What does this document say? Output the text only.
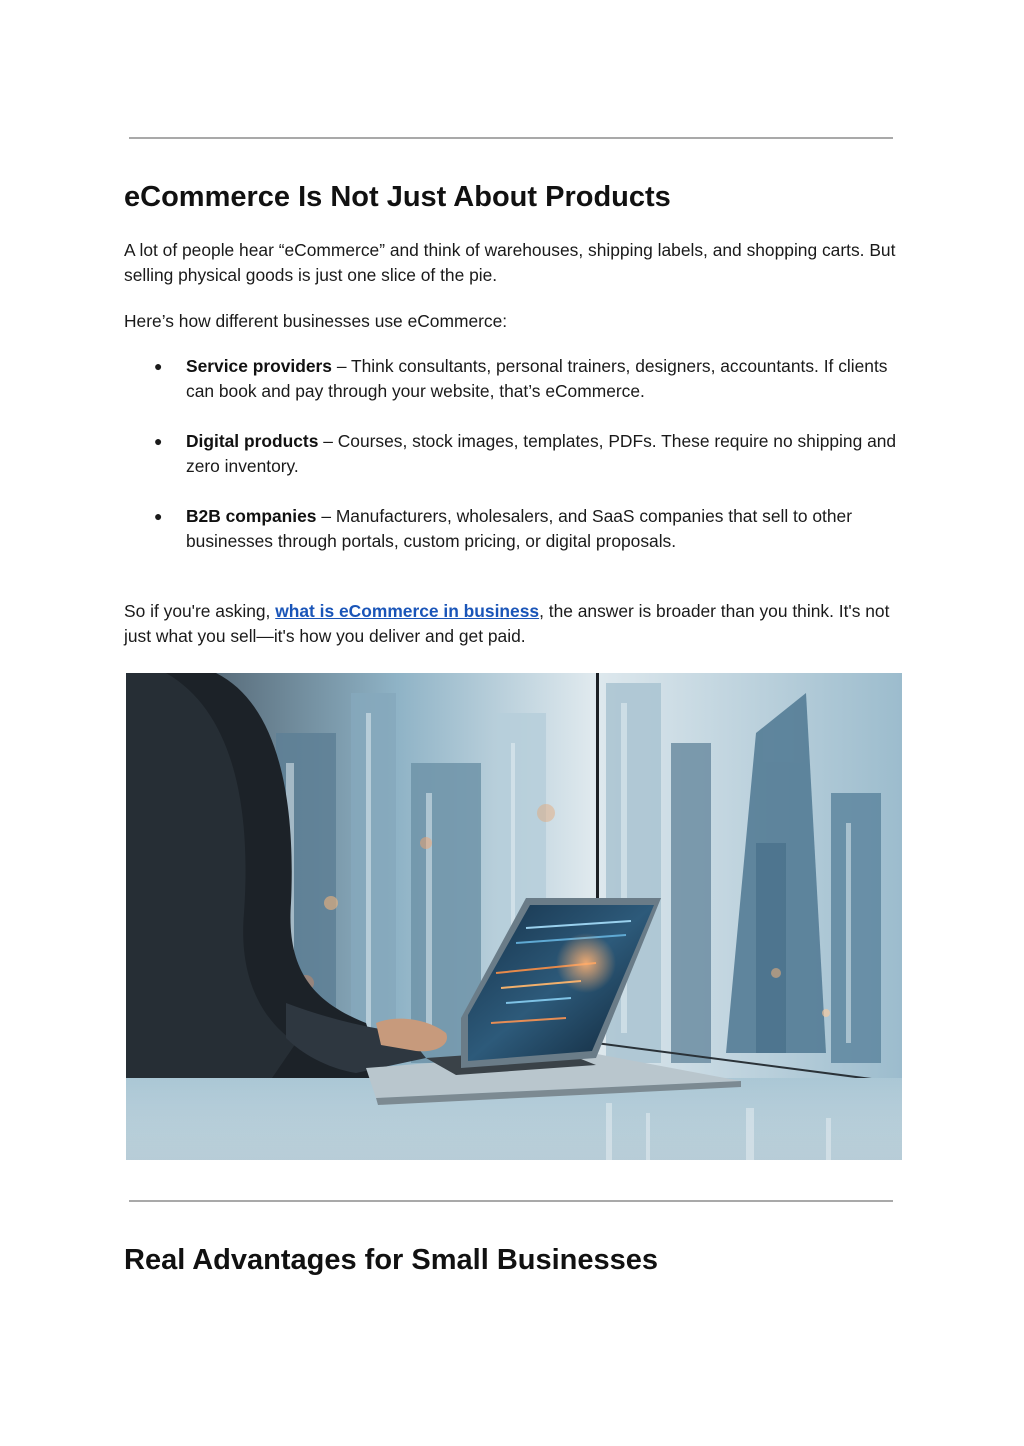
eCommerce Is Not Just About Products

A lot of people hear “eCommerce” and think of warehouses, shipping labels, and shopping carts. But selling physical goods is just one slice of the pie.

Here’s how different businesses use eCommerce:

● Service providers – Think consultants, personal trainers, designers, accountants. If clients can book and pay through your website, that’s eCommerce.
● Digital products – Courses, stock images, templates, PDFs. These require no shipping and zero inventory.
● B2B companies – Manufacturers, wholesalers, and SaaS companies that sell to other businesses through portals, custom pricing, or digital proposals.

So if you're asking, what is eCommerce in business, the answer is broader than you think. It's not just what you sell—it's how you deliver and get paid.

Real Advantages for Small Businesses
